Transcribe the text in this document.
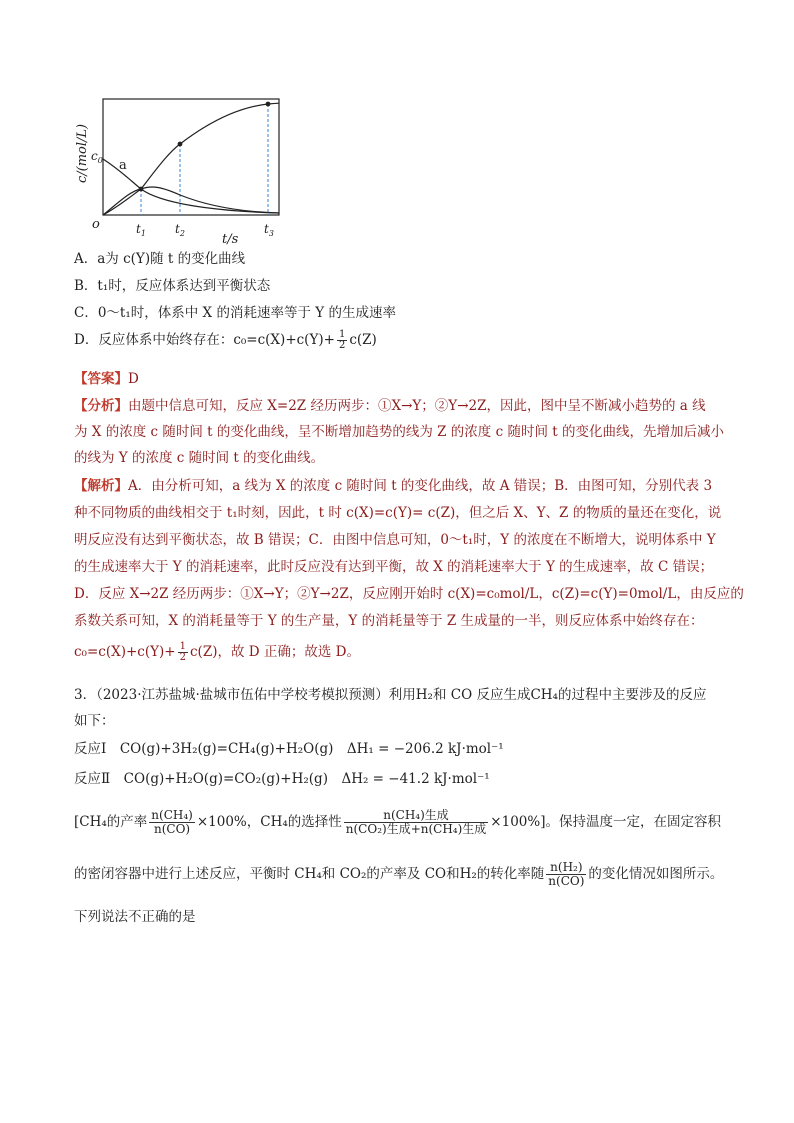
c/(mol/L) $c_0$ a
o	$t_1$ $t_2$	$t_3$
t/s
A．a为 c(Y)随 t 的变化曲线
B．t₁时，反应体系达到平衡状态
C．0～t₁时，体系中 X 的消耗速率等于 Y 的生成速率
D．反应体系中始终存在：$c_0=c(X)+c(Y)+ \frac{1}{2} c(Z)$
【答案】D
【分析】由题中信息可知，反应 X=2Z 经历两步：①X→Y；②Y→2Z，因此，图中呈不断减小趋势的 a 线
为 X 的浓度 c 随时间 t 的变化曲线，呈不断增加趋势的线为 Z 的浓度 c 随时间 t 的变化曲线，先增加后减小
的线为 Y 的浓度 c 随时间 t 的变化曲线。
【解析】A．由分析可知，a 线为 X 的浓度 c 随时间 t 的变化曲线，故 A 错误；B．由图可知，分别代表 3
种不同物质的曲线相交于 t₁时刻，因此，t 时 c(X)=c(Y)= c(Z)，但之后 X、Y、Z 的物质的量还在变化，说
明反应没有达到平衡状态，故 B 错误；C．由图中信息可知，0～t₁时，Y 的浓度在不断增大，说明体系中 Y
的生成速率大于 Y 的消耗速率，此时反应没有达到平衡，故 X 的消耗速率大于 Y 的生成速率，故 C 错误；
D．反应 X→2Z 经历两步：①X→Y；②Y→2Z，反应刚开始时 c(X)=c₀mol/L，c(Z)=c(Y)=0mol/L，由反应的
系数关系可知，X 的消耗量等于 Y 的生产量，Y 的消耗量等于 Z 生成量的一半，则反应体系中始终存在：
$c_0=c(X)+c(Y)+ \frac{1}{2} c(Z)$，故 D 正确；故选 D。
3．（2023·江苏盐城·盐城市伍佑中学校考模拟预测）利用H₂和 CO 反应生成CH₄的过程中主要涉及的反应
如下：
反应Ⅰ　CO(g)+3H₂(g)=CH₄(g)+H₂O(g)　ΔH₁ = −206.2 kJ·mol⁻¹
反应Ⅱ　CO(g)+H₂O(g)=CO₂(g)+H₂(g)　ΔH₂ = −41.2 kJ·mol⁻¹
[CH₄的产率 $\frac{\text{n(CH₄)}}{n(CO)} \times 100\%$，CH₄的选择性 $\frac{\text{n(CH₄)生成}}{\text{n(CO₂)生成+n(CH₄)生成}} \times 100\%$]。保持温度一定，在固定容积
的密闭容器中进行上述反应，平衡时 CH₄和 CO₂的产率及 CO和H₂的转化率随 $\frac{\text{n(H₂)}}{n(CO)}$ 的变化情况如图所示。
下列说法不正确的是
